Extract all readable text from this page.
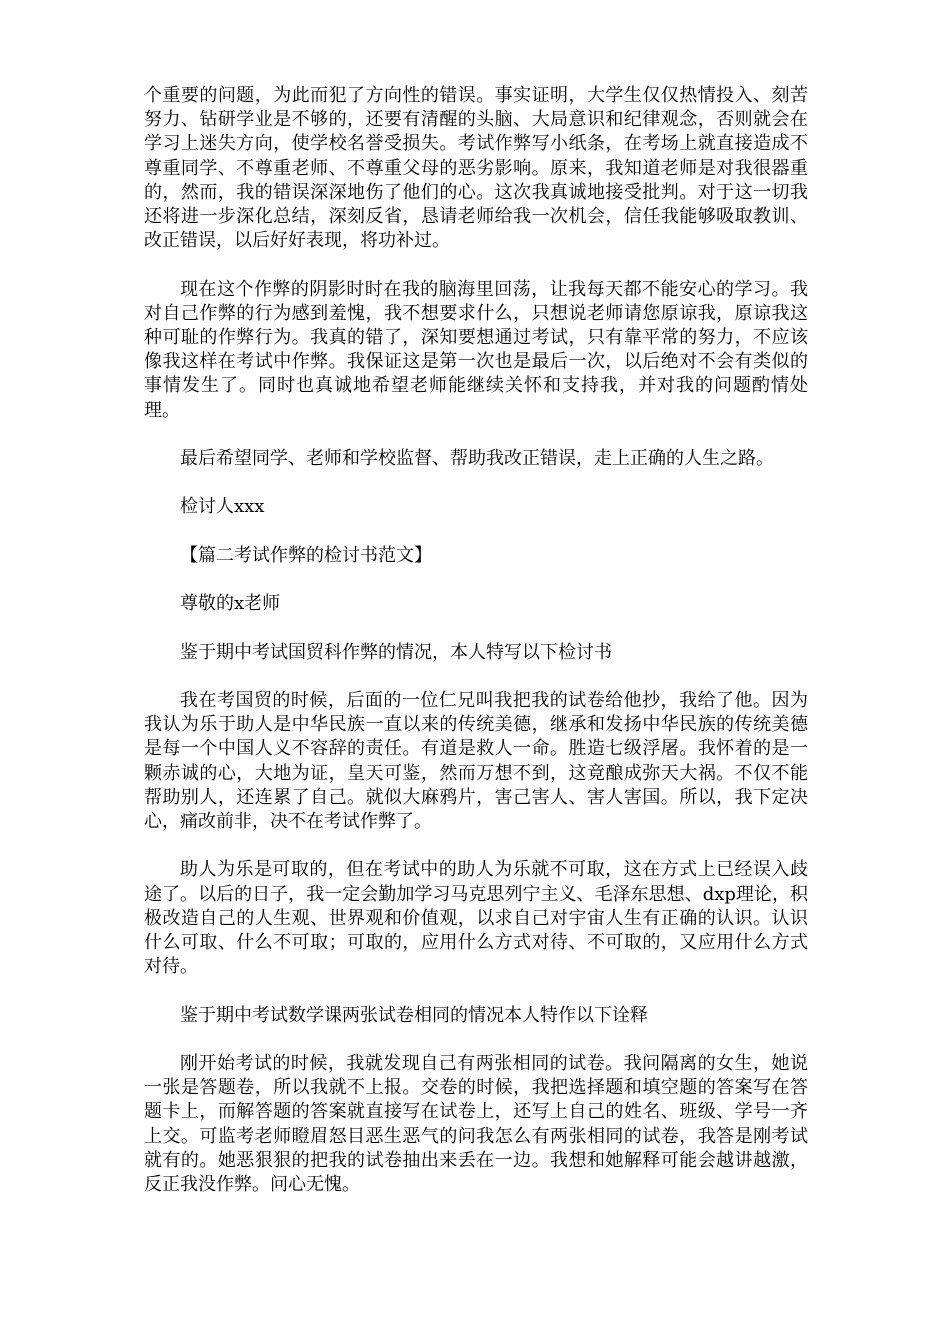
个重要的问题，为此而犯了方向性的错误。事实证明，大学生仅仅热情投入、刻苦努力、钻研学业是不够的，还要有清醒的头脑、大局意识和纪律观念，否则就会在学习上迷失方向，使学校名誉受损失。考试作弊写小纸条，在考场上就直接造成不尊重同学、不尊重老师、不尊重父母的恶劣影响。原来，我知道老师是对我很器重的，然而，我的错误深深地伤了他们的心。这次我真诚地接受批判。对于这一切我还将进一步深化总结，深刻反省，恳请老师给我一次机会，信任我能够吸取教训、改正错误，以后好好表现，将功补过。

现在这个作弊的阴影时时在我的脑海里回荡，让我每天都不能安心的学习。我对自己作弊的行为感到羞愧，我不想要求什么，只想说老师请您原谅我，原谅我这种可耻的作弊行为。我真的错了，深知要想通过考试，只有靠平常的努力，不应该像我这样在考试中作弊。我保证这是第一次也是最后一次，以后绝对不会有类似的事情发生了。同时也真诚地希望老师能继续关怀和支持我，并对我的问题酌情处理。

最后希望同学、老师和学校监督、帮助我改正错误，走上正确的人生之路。

检讨人xxx

【篇二考试作弊的检讨书范文】

尊敬的x老师

鉴于期中考试国贸科作弊的情况，本人特写以下检讨书

我在考国贸的时候，后面的一位仁兄叫我把我的试卷给他抄，我给了他。因为我认为乐于助人是中华民族一直以来的传统美德，继承和发扬中华民族的传统美德是每一个中国人义不容辞的责任。有道是救人一命。胜造七级浮屠。我怀着的是一颗赤诚的心，大地为证，皇天可鉴，然而万想不到，这竟酿成弥天大祸。不仅不能帮助别人，还连累了自己。就似大麻鸦片，害己害人、害人害国。所以，我下定决心，痛改前非，决不在考试作弊了。

助人为乐是可取的，但在考试中的助人为乐就不可取，这在方式上已经误入歧途了。以后的日子，我一定会勤加学习马克思列宁主义、毛泽东思想、dxp理论，积极改造自己的人生观、世界观和价值观，以求自己对宇宙人生有正确的认识。认识什么可取、什么不可取；可取的，应用什么方式对待、不可取的，又应用什么方式对待。

鉴于期中考试数学课两张试卷相同的情况本人特作以下诠释

刚开始考试的时候，我就发现自己有两张相同的试卷。我问隔离的女生，她说一张是答题卷，所以我就不上报。交卷的时候，我把选择题和填空题的答案写在答题卡上，而解答题的答案就直接写在试卷上，还写上自己的姓名、班级、学号一齐上交。可监考老师瞪眉怒目恶生恶气的问我怎么有两张相同的试卷，我答是刚考试就有的。她恶狠狠的把我的试卷抽出来丢在一边。我想和她解释可能会越讲越激，反正我没作弊。问心无愧。
